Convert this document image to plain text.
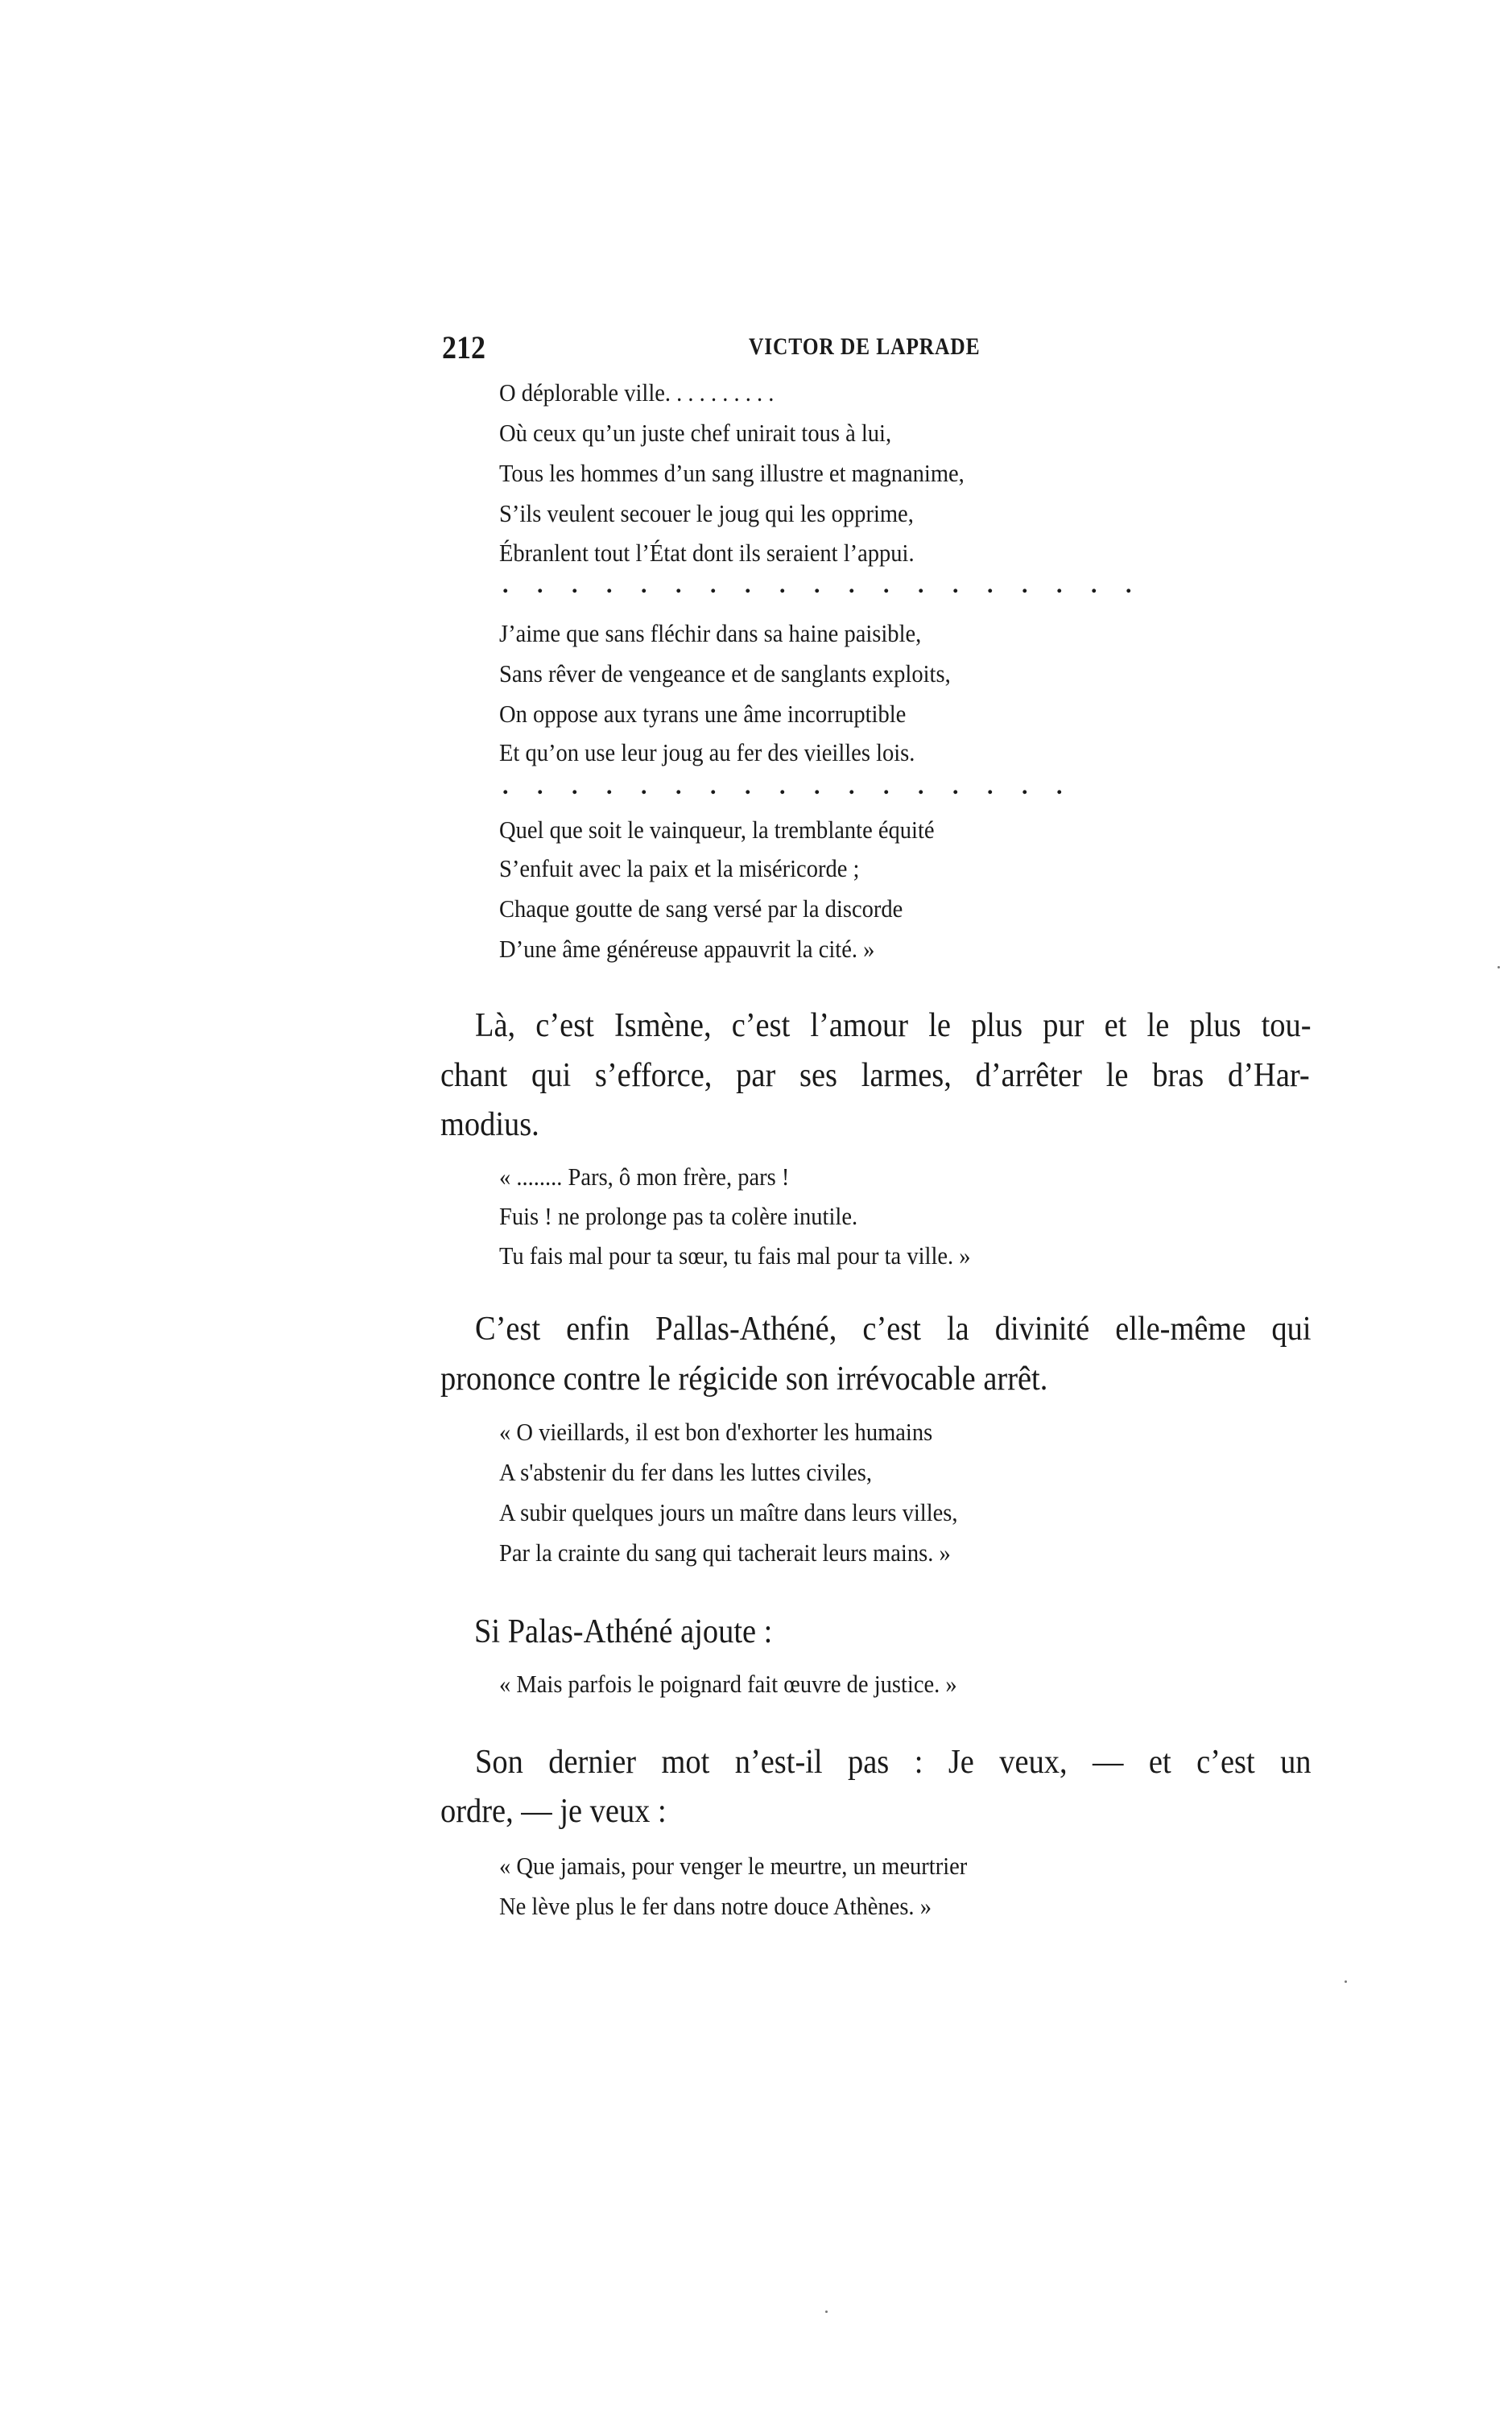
212	VICTOR DE LAPRADE
O déplorable ville. . . . . . . . . .
Où ceux qu’un juste chef unirait tous à lui,
Tous les hommes d’un sang illustre et magnanime,
S’ils veulent secouer le joug qui les opprime,
Ébranlent tout l’État dont ils seraient l’appui.
. . . . . . . . . . . . . . . . . . .
J’aime que sans fléchir dans sa haine paisible,
Sans rêver de vengeance et de sanglants exploits,
On oppose aux tyrans une âme incorruptible
Et qu’on use leur joug au fer des vieilles lois.
. . . . . . . . . . . . . . . . .
Quel que soit le vainqueur, la tremblante équité
S’enfuit avec la paix et la miséricorde ;
Chaque goutte de sang versé par la discorde
D’une âme généreuse appauvrit la cité. »
Là, c’est Ismène, c’est l’amour le plus pur et le plus tou-
chant qui s’efforce, par ses larmes, d’arrêter le bras d’Har-
modius.
« ........ Pars, ô mon frère, pars !
Fuis ! ne prolonge pas ta colère inutile.
Tu fais mal pour ta sœur, tu fais mal pour ta ville. »
C’est enfin Pallas-Athéné, c’est la divinité elle-même qui
prononce contre le régicide son irrévocable arrêt.
« O vieillards, il est bon d'exhorter les humains
A s'abstenir du fer dans les luttes civiles,
A subir quelques jours un maître dans leurs villes,
Par la crainte du sang qui tacherait leurs mains. »
Si Palas-Athéné ajoute :
« Mais parfois le poignard fait œuvre de justice. »
Son dernier mot n’est-il pas : Je veux, — et c’est un
ordre, — je veux :
« Que jamais, pour venger le meurtre, un meurtrier
Ne lève plus le fer dans notre douce Athènes. »
